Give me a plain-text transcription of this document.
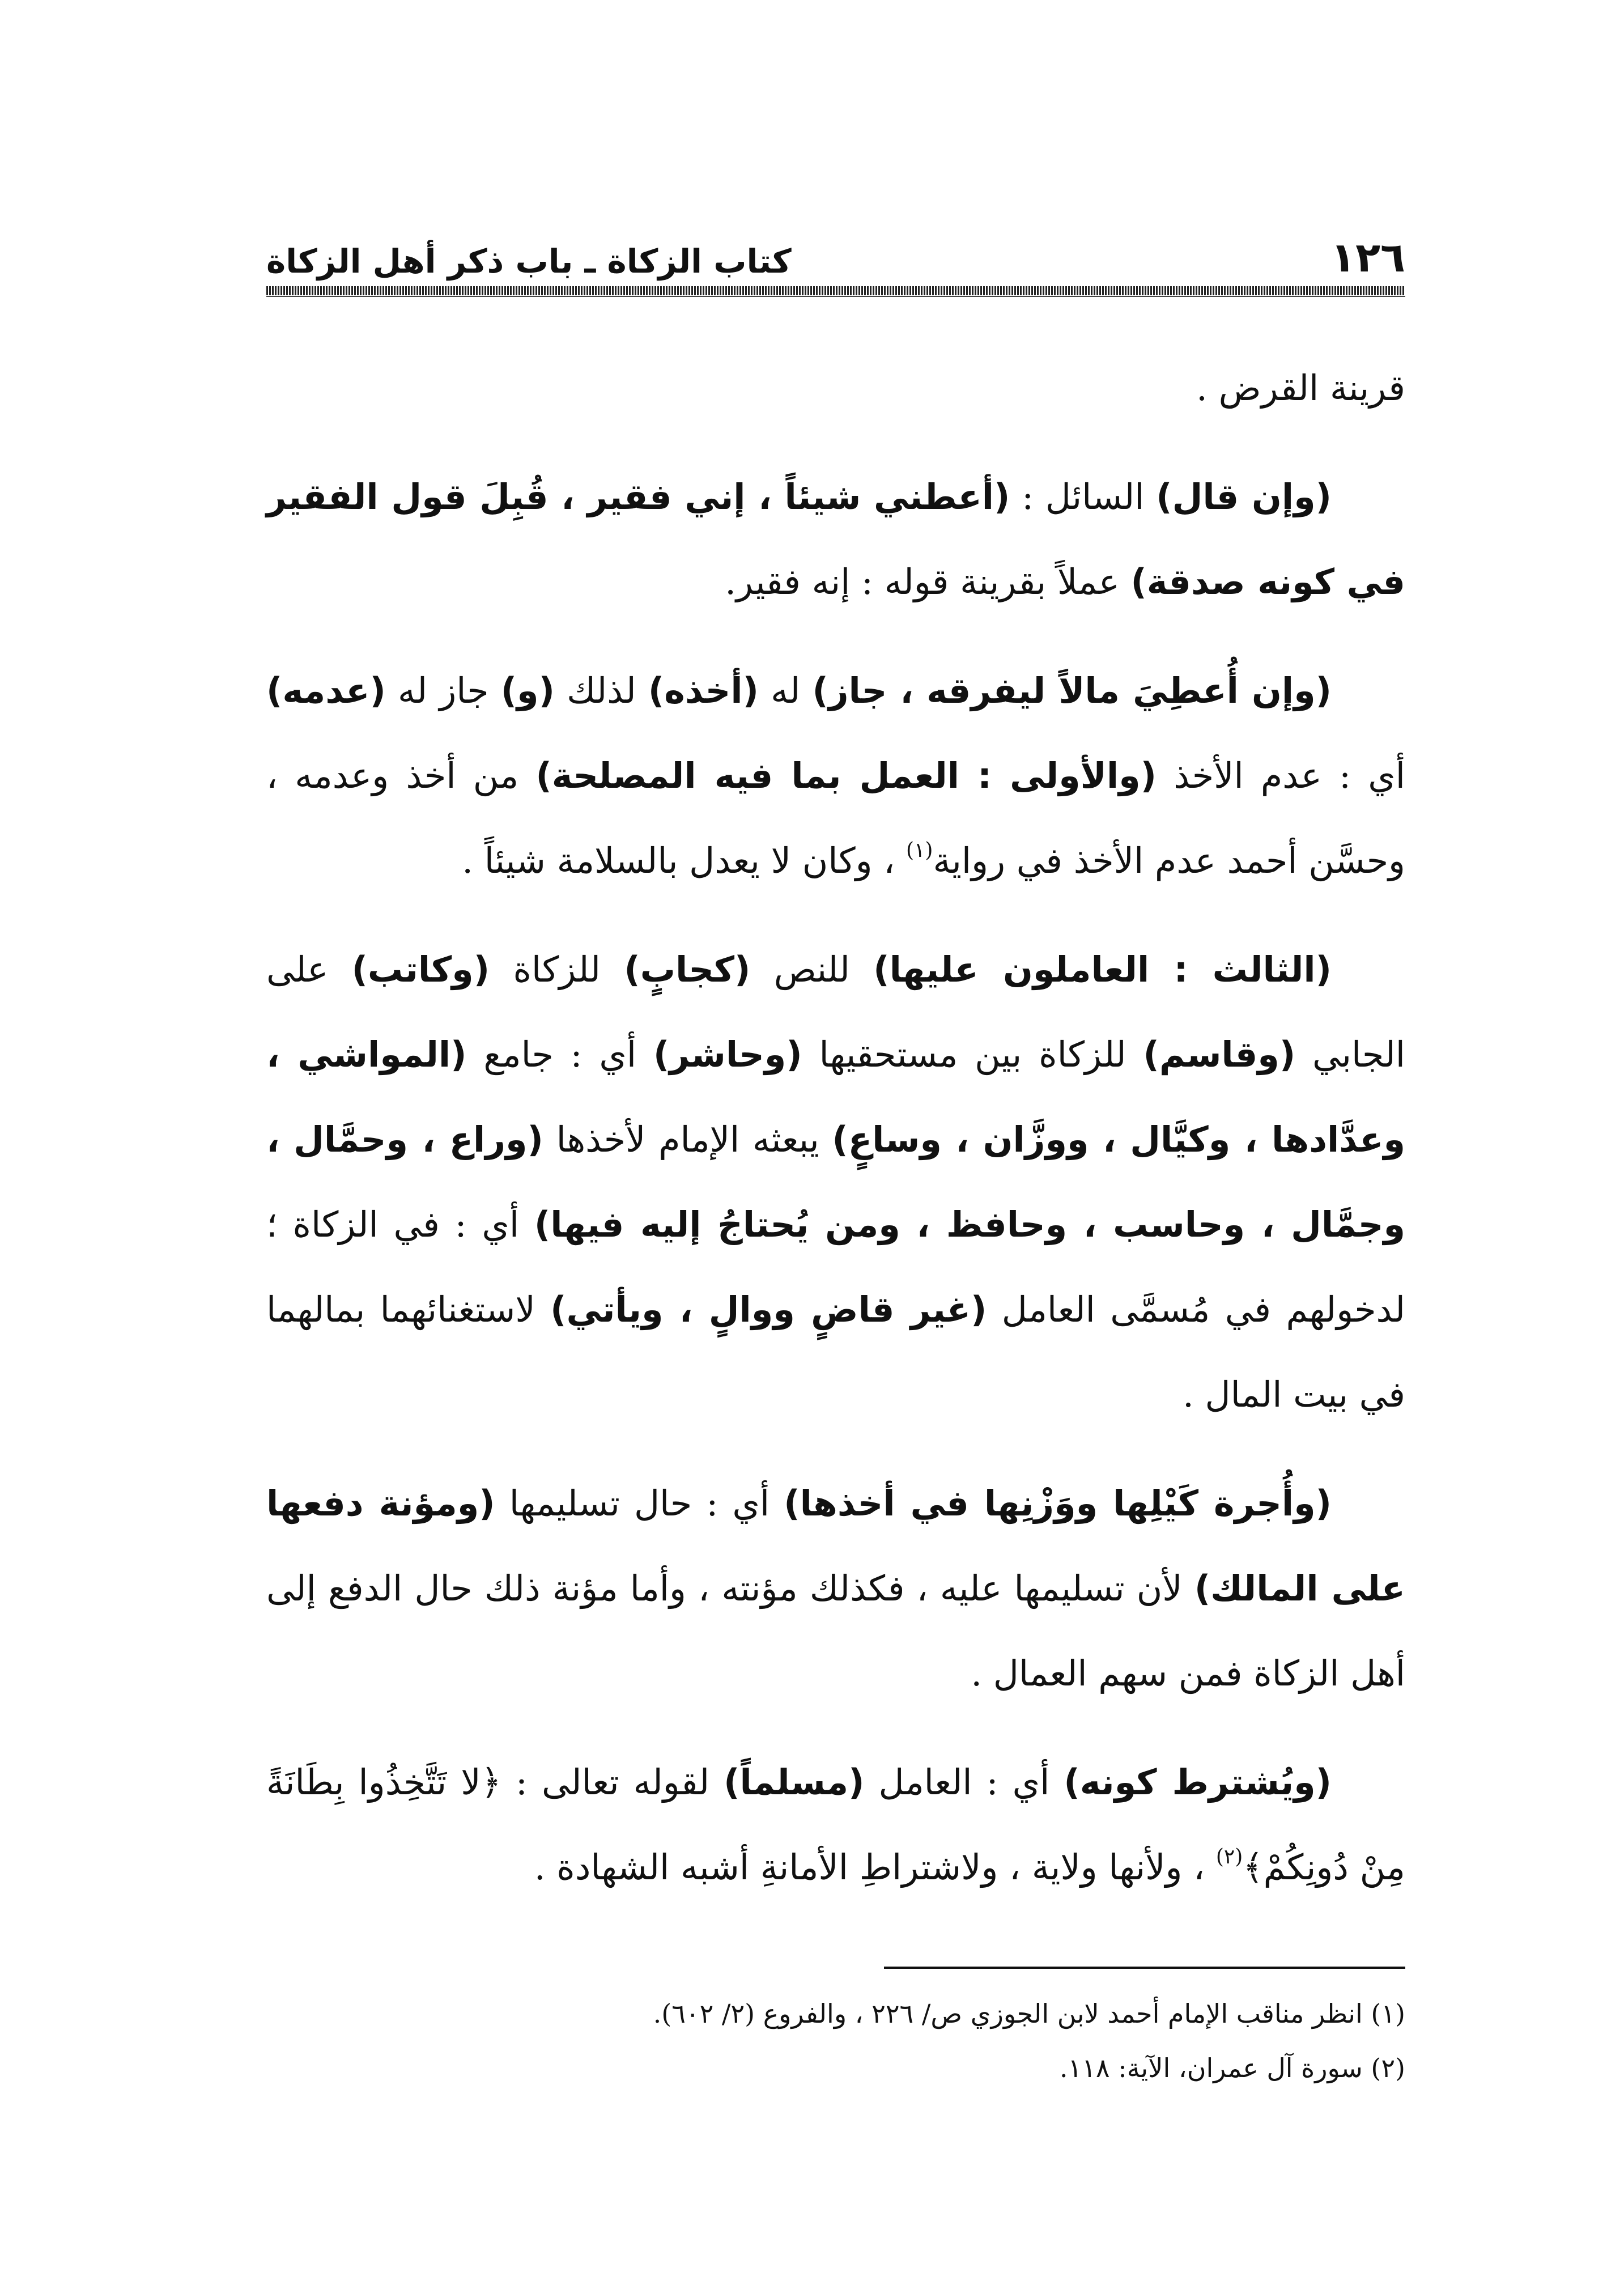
١٢٦
كتاب الزكاة ـ باب ذكر أهل الزكاة

قرينة القرض .

(وإن قال) السائل : (أعطني شيئاً ، إني فقير ، قُبِلَ قول الفقير في كونه صدقة) عملاً بقرينة قوله : إنه فقير.

(وإن أُعطِيَ مالاً ليفرقه ، جاز) له (أخذه) لذلك (و) جاز له (عدمه) أي : عدم الأخذ (والأولى : العمل بما فيه المصلحة) من أخذ وعدمه ، وحسَّن أحمد عدم الأخذ في رواية$^{(١)}$ ، وكان لا يعدل بالسلامة شيئاً .

(الثالث : العاملون عليها) للنص (كجابٍ) للزكاة (وكاتب) على الجابي (وقاسم) للزكاة بين مستحقيها (وحاشر) أي : جامع (المواشي ، وعدَّادها ، وكيَّال ، ووزَّان ، وساعٍ) يبعثه الإمام لأخذها (وراع ، وحمَّال ، وجمَّال ، وحاسب ، وحافظ ، ومن يُحتاجُ إليه فيها) أي : في الزكاة ؛ لدخولهم في مُسمَّى العامل (غير قاضٍ ووالٍ ، ويأتي) لاستغنائهما بمالهما في بيت المال .

(وأُجرة كَيْلِها ووَزْنِها في أخذها) أي : حال تسليمها (ومؤنة دفعها على المالك) لأن تسليمها عليه ، فكذلك مؤنته ، وأما مؤنة ذلك حال الدفع إلى أهل الزكاة فمن سهم العمال .

(ويُشترط كونه) أي : العامل (مسلماً) لقوله تعالى : ﴿لا تَتَّخِذُوا بِطَانَةً مِنْ دُونِكُمْ﴾$^{(٢)}$ ، ولأنها ولاية ، ولاشتراطِ الأمانةِ أشبه الشهادة .

(١) انظر مناقب الإمام أحمد لابن الجوزي ص/ ٢٢٦ ، والفروع (٢/ ٦٠٢).
(٢) سورة آل عمران، الآية: ١١٨.
